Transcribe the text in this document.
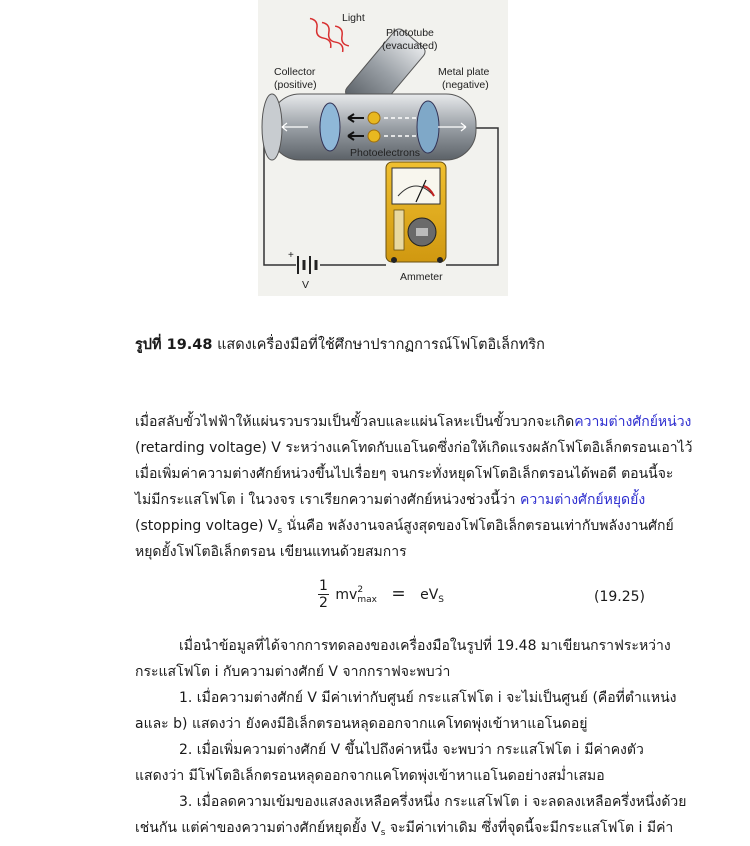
+
Light
Phototube
(evacuated)
Collector
(positive)
Metal plate
(negative)
Photoelectrons
Ammeter
V
รูปที่ 19.48 แสดงเครื่องมือที่ใช้ศึกษาปรากฏการณ์โฟโตอิเล็กทริก
เมื่อสลับขั้วไฟฟ้าให้แผ่นรวบรวมเป็นขั้วลบและแผ่นโลหะเป็นขั้วบวกจะเกิดความต่างศักย์หน่วง
(retarding voltage) V ระหว่างแคโทดกับแอโนดซึ่งก่อให้เกิดแรงผลักโฟโตอิเล็กตรอนเอาไว้
เมื่อเพิ่มค่าความต่างศักย์หน่วงขึ้นไปเรื่อยๆ จนกระทั่งหยุดโฟโตอิเล็กตรอนได้พอดี ตอนนี้จะ
ไม่มีกระแสโฟโต i ในวงจร เราเรียกความต่างศักย์หน่วงช่วงนี้ว่า ความต่างศักย์หยุดยั้ง
(stopping voltage) $V_s$ นั่นคือ พลังงานจลน์สูงสุดของโฟโตอิเล็กตรอนเท่ากับพลังงานศักย์
หยุดยั้งโฟโตอิเล็กตรอน เขียนแทนด้วยสมการ
1
2 mv 2
$\max = eV_S$	(19.25)
เมื่อนำข้อมูลที่ได้จากการทดลองของเครื่องมือในรูปที่ 19.48 มาเขียนกราฟระหว่าง
กระแสโฟโต i กับความต่างศักย์ V จากกราฟจะพบว่า
1. เมื่อความต่างศักย์ V มีค่าเท่ากับศูนย์ กระแสโฟโต i จะไม่เป็นศูนย์ (คือที่ตำแหน่ง
aและ b) แสดงว่า ยังคงมีอิเล็กตรอนหลุดออกจากแคโทดพุ่งเข้าหาแอโนดอยู่
2. เมื่อเพิ่มความต่างศักย์ V ขึ้นไปถึงค่าหนึ่ง จะพบว่า กระแสโฟโต i มีค่าคงตัว
แสดงว่า มีโฟโตอิเล็กตรอนหลุดออกจากแคโทดพุ่งเข้าหาแอโนดอย่างสม่ำเสมอ
3. เมื่อลดความเข้มของแสงลงเหลือครึ่งหนึ่ง กระแสโฟโต i จะลดลงเหลือครึ่งหนึ่งด้วย
เช่นกัน แต่ค่าของความต่างศักย์หยุดยั้ง $V_s$ จะมีค่าเท่าเดิม ซึ่งที่จุดนี้จะมีกระแสโฟโต i มีค่า
